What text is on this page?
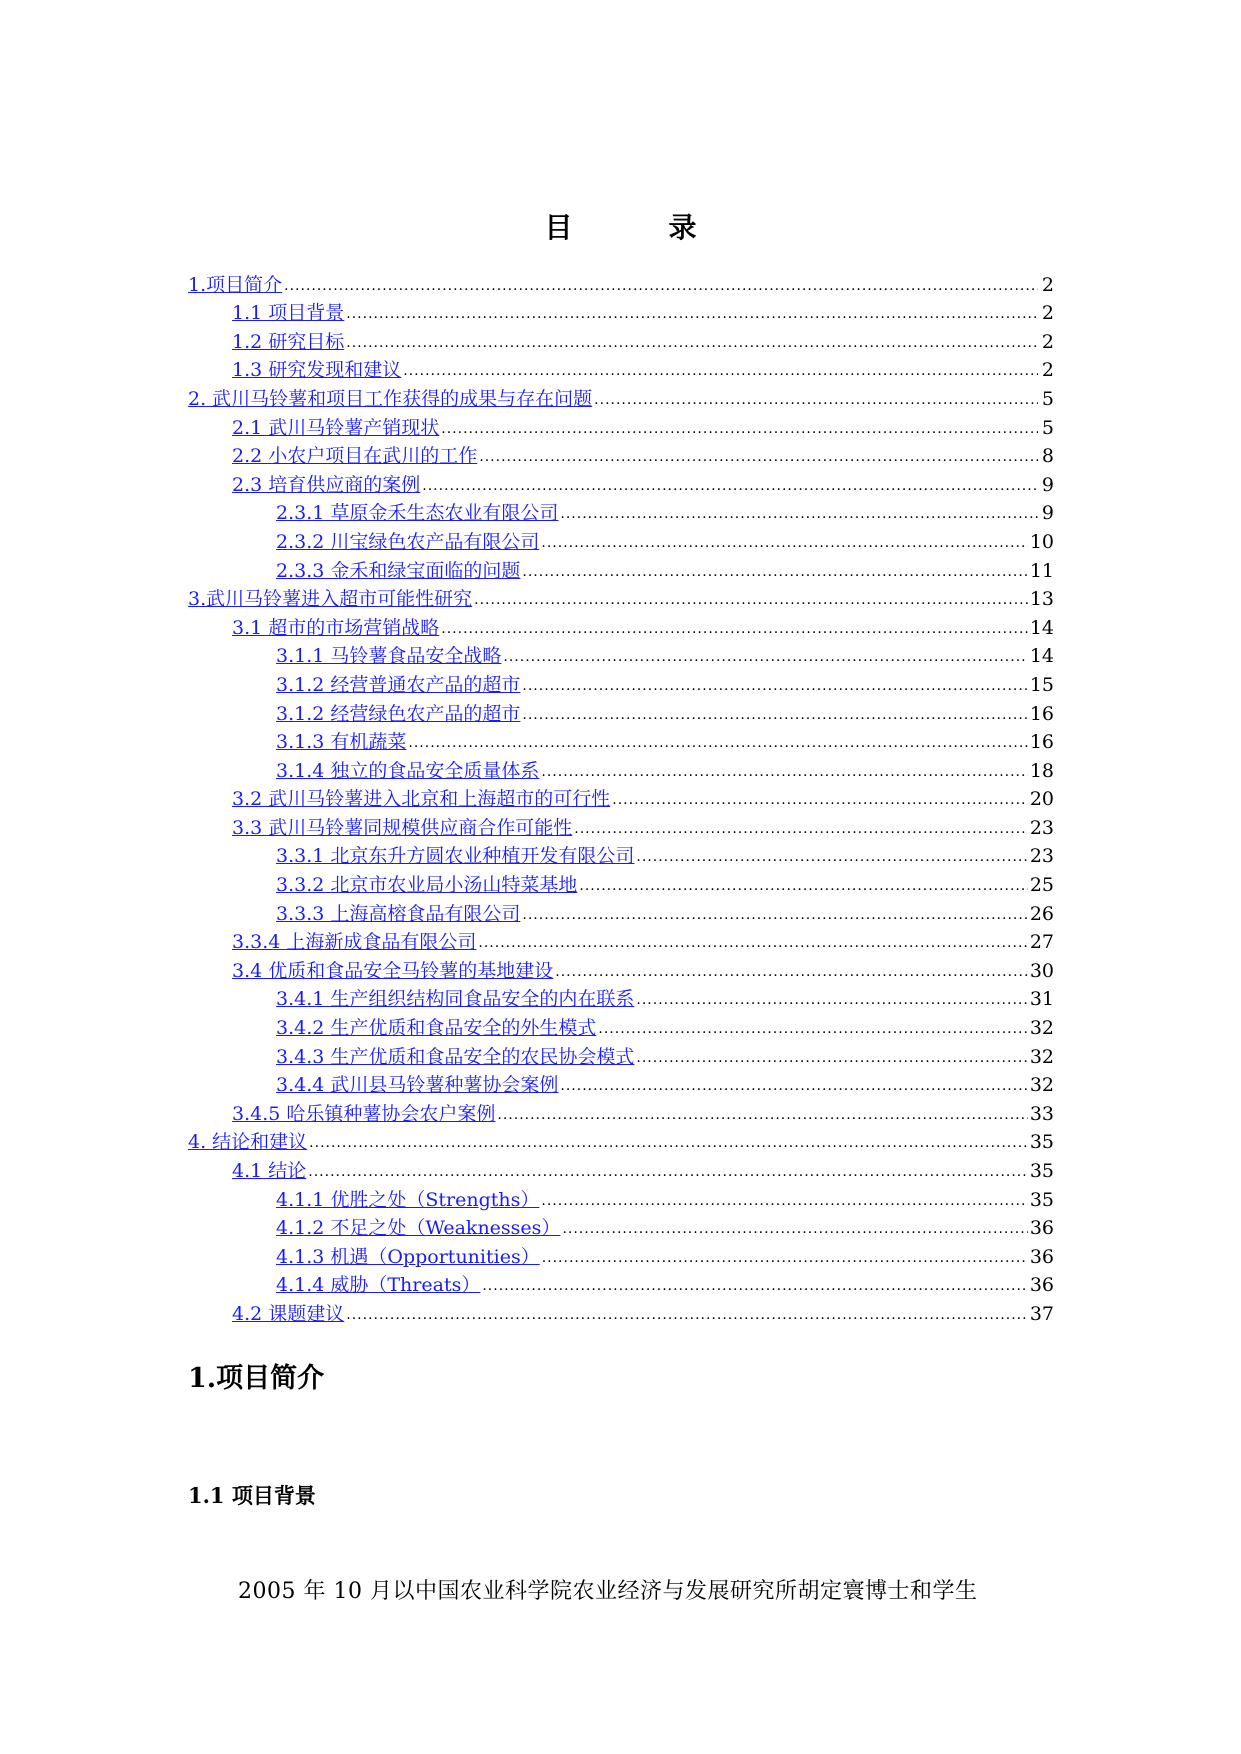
目　录
1.项目简介 .....	2
1.1 项目背景 .....	2
1.2 研究目标 .....	2
1.3 研究发现和建议 .....	2
2. 武川马铃薯和项目工作获得的成果与存在问题 .....	5
2.1 武川马铃薯产销现状 .....	5
2.2 小农户项目在武川的工作 .....	8
2.3 培育供应商的案例 .....	9
2.3.1 草原金禾生态农业有限公司 .....	9
2.3.2 川宝绿色农产品有限公司 .....	10
2.3.3 金禾和绿宝面临的问题 .....	11
3.武川马铃薯进入超市可能性研究 .....	13
3.1 超市的市场营销战略 .....	14
3.1.1 马铃薯食品安全战略 .....	14
3.1.2 经营普通农产品的超市 .....	15
3.1.2 经营绿色农产品的超市 .....	16
3.1.3 有机蔬菜 .....	16
3.1.4 独立的食品安全质量体系 .....	18
3.2 武川马铃薯进入北京和上海超市的可行性 .....	20
3.3 武川马铃薯同规模供应商合作可能性 .....	23
3.3.1 北京东升方圆农业种植开发有限公司 .....	23
3.3.2 北京市农业局小汤山特菜基地 .....	25
3.3.3 上海高榕食品有限公司 .....	26
3.3.4 上海新成食品有限公司 .....	27
3.4 优质和食品安全马铃薯的基地建设 .....	30
3.4.1 生产组织结构同食品安全的内在联系 .....	31
3.4.2 生产优质和食品安全的外生模式 .....	32
3.4.3 生产优质和食品安全的农民协会模式 .....	32
3.4.4 武川县马铃薯种薯协会案例 .....	32
3.4.5 哈乐镇种薯协会农户案例 .....	33
4. 结论和建议 .....	35
4.1 结论 .....	35
4.1.1 优胜之处（Strengths） .....	35
4.1.2 不足之处（Weaknesses） .....	36
4.1.3 机遇（Opportunities） .....	36
4.1.4 威胁（Threats） .....	36
4.2 课题建议 .....	37
1.项目简介
1.1 项目背景
2005 年 10 月以中国农业科学院农业经济与发展研究所胡定寰博士和学生
